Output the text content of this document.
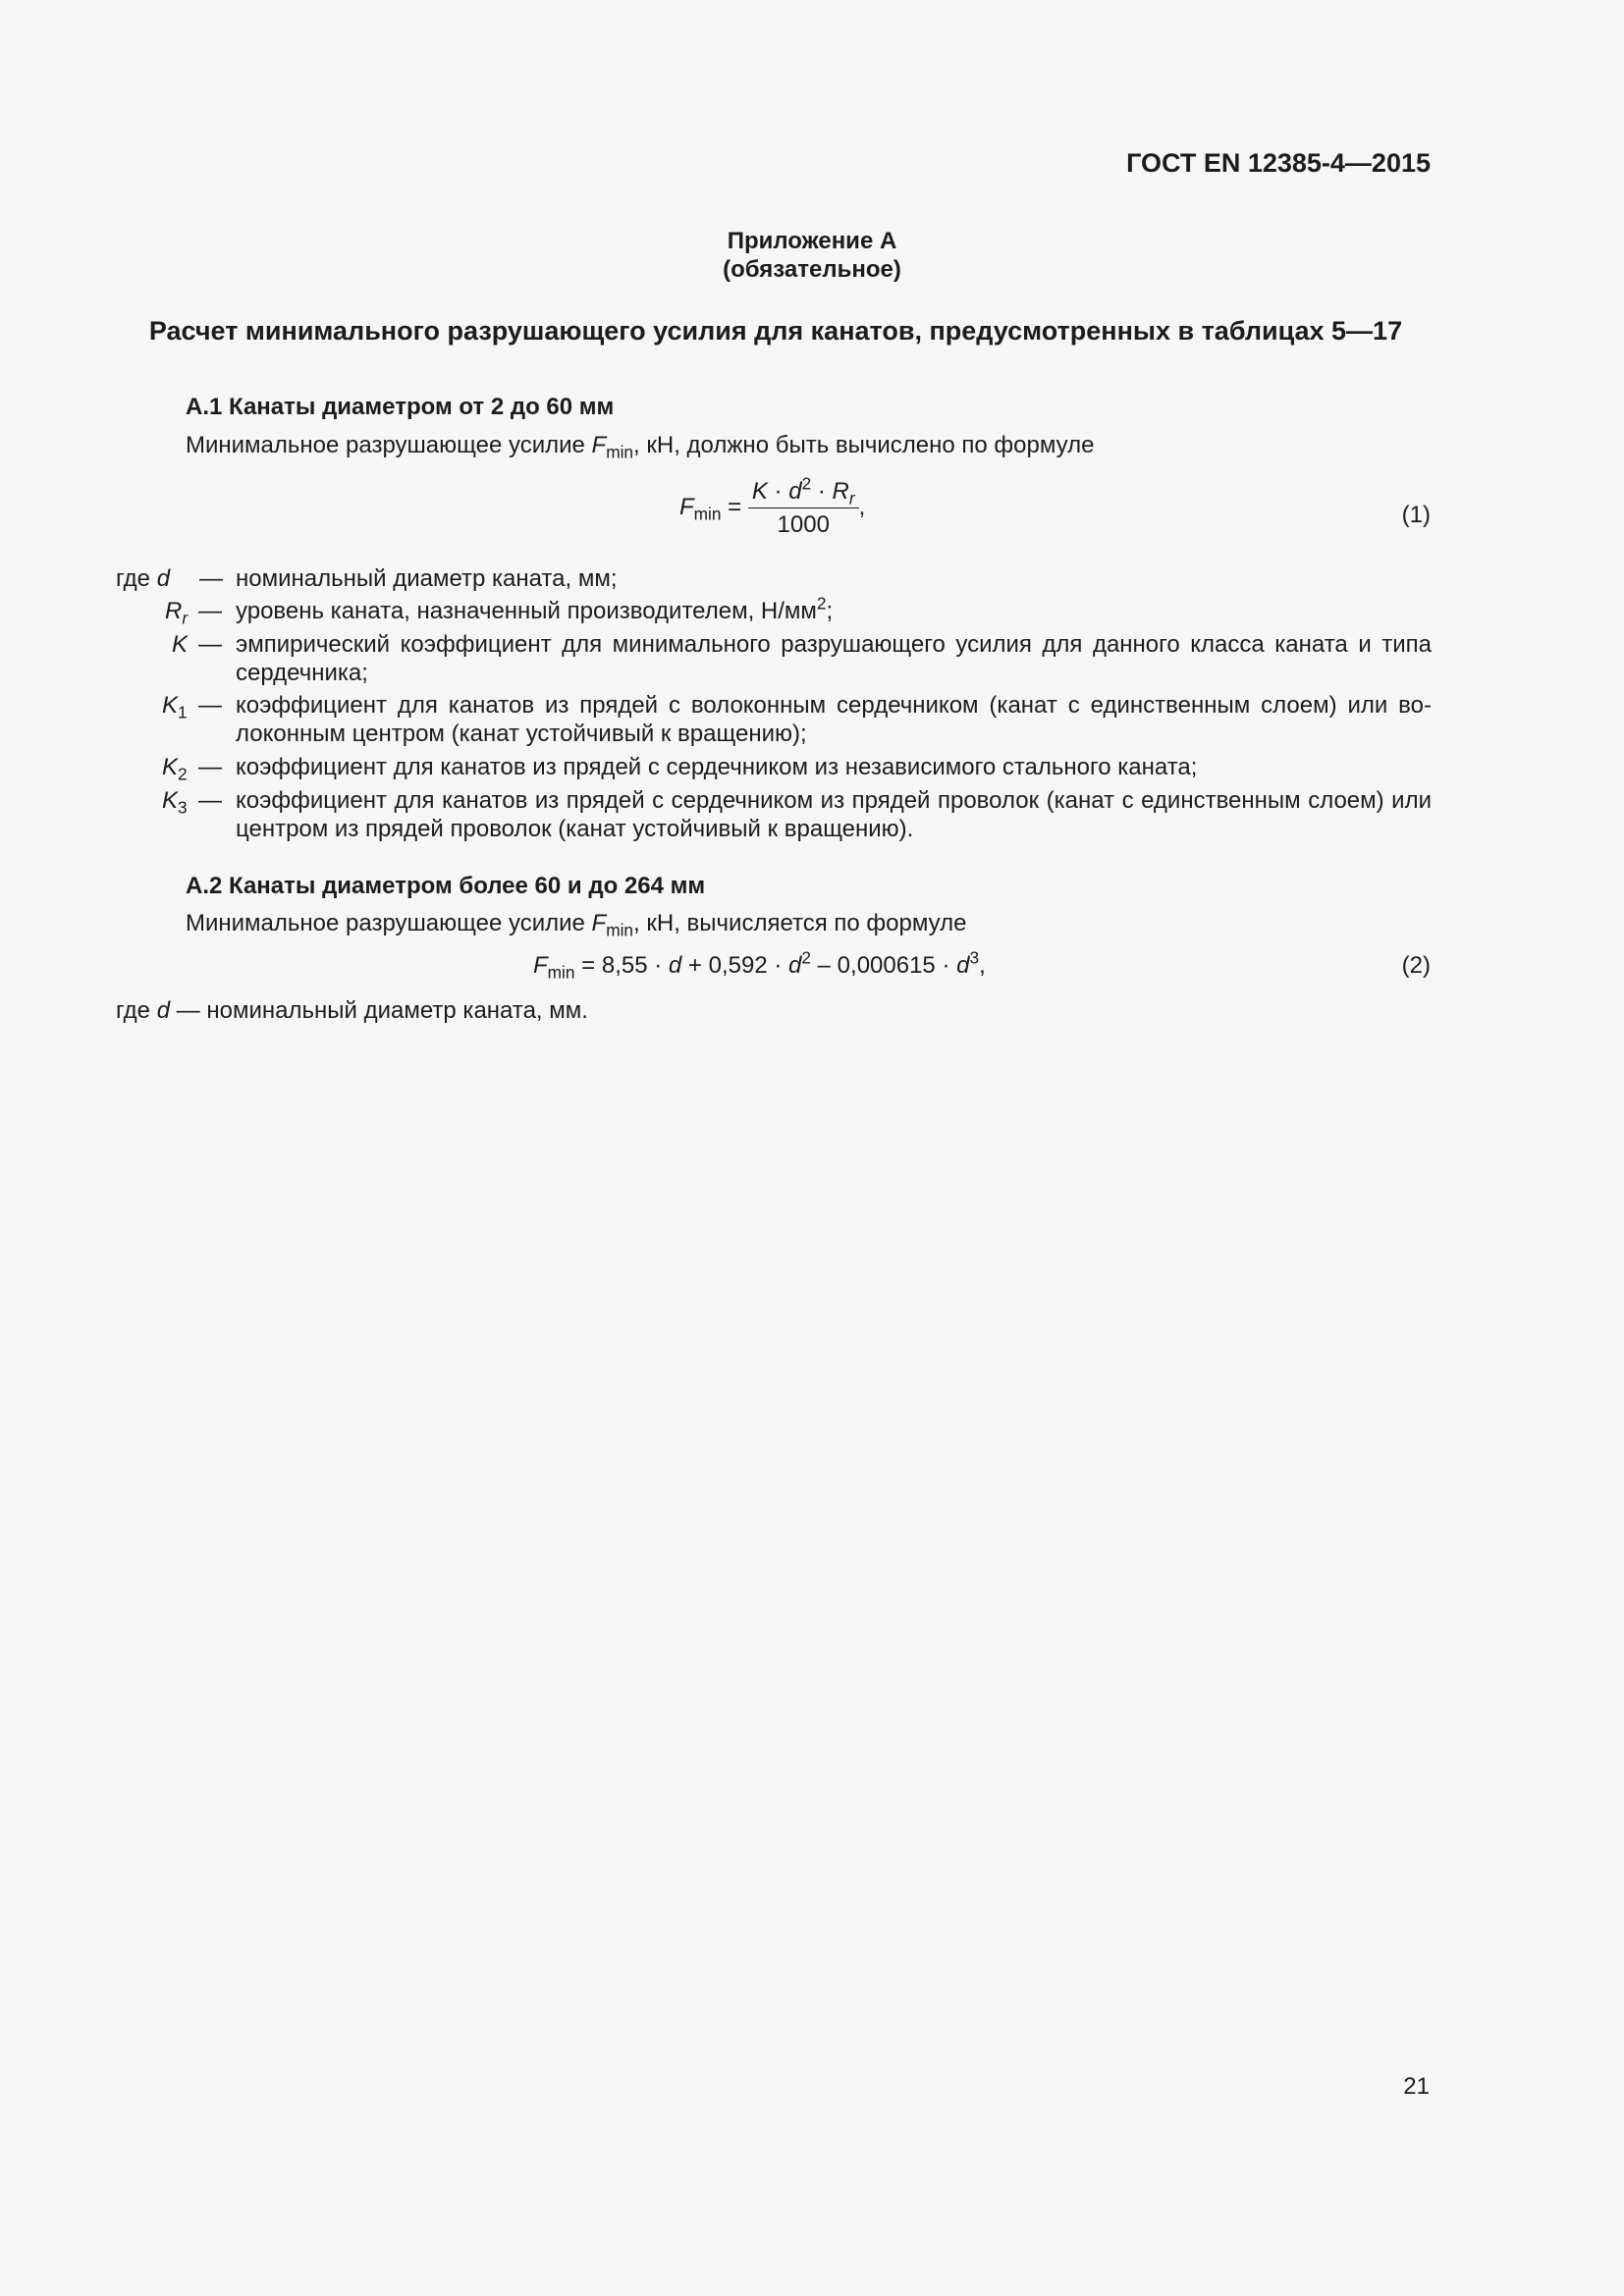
ГОСТ EN 12385-4—2015
Приложение А
(обязательное)
Расчет минимального разрушающего усилия для канатов, предусмотренных в таблицах 5—17
А.1 Канаты диаметром от 2 до 60 мм
Минимальное разрушающее усилие $F_{min}$, кН, должно быть вычислено по формуле
$F_{min} = \frac{K \cdot d^2 \cdot R_r}{1000}$ ,	(1)
где d — номинальный диаметр каната, мм;
$R_r$ — уровень каната, назначенный производителем, $Н/мм^2$;
K — эмпирический коэффициент для минимального разрушающего усилия для данного класса каната и типа сердечника;
$K_1$ — коэффициент для канатов из прядей с волоконным сердечником (канат с единственным слоем) или волоконным центром (канат устойчивый к вращению);
$K_2$ — коэффициент для канатов из прядей с сердечником из независимого стального каната;
$K_3$ — коэффициент для канатов из прядей с сердечником из прядей проволок (канат с единственным слоем) или центром из прядей проволок (канат устойчивый к вращению).
А.2 Канаты диаметром более 60 и до 264 мм
Минимальное разрушающее усилие $F_{min}$, кН, вычисляется по формуле
$F_{min} = 8,55 \cdot d + 0,592 \cdot d^2 - 0,000615 \cdot d^3$,	(2)
где d — номинальный диаметр каната, мм.
21
